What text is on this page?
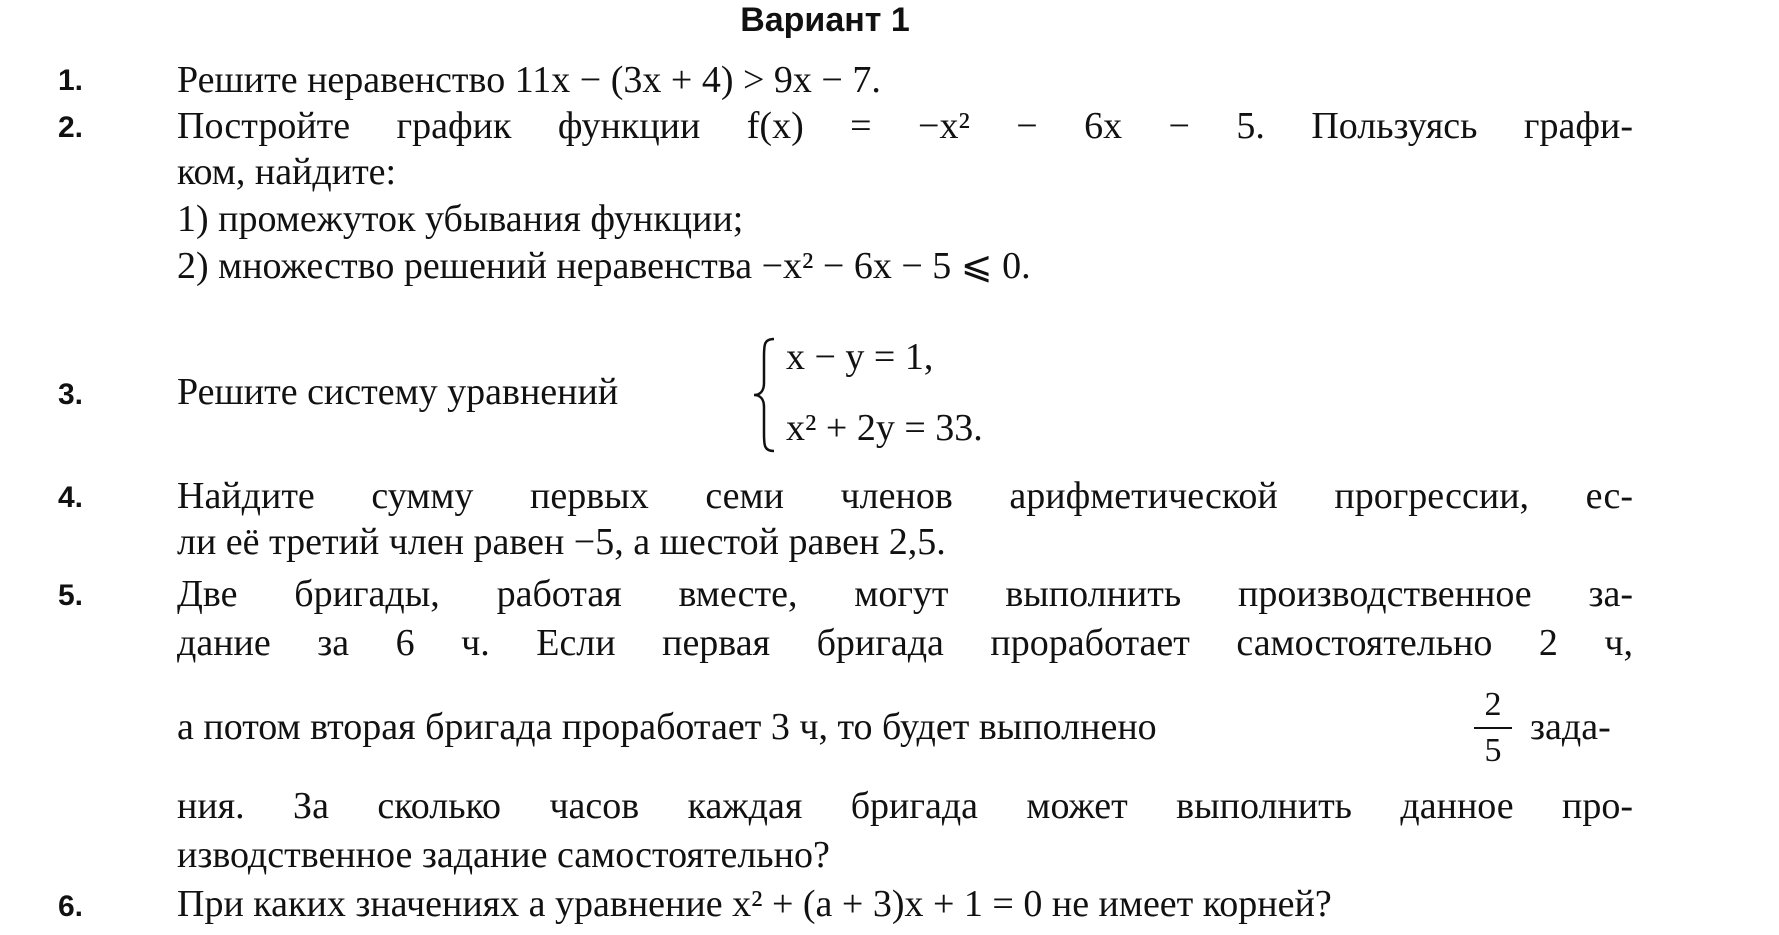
Вариант 1
1. Решите неравенство 11x − (3x + 4) > 9x − 7.
2. Постройте график функции f(x) = −x² − 6x − 5. Пользуясь графи-
ком, найдите:
1) промежуток убывания функции;
2) множество решений неравенства −x² − 6x − 5 ⩽ 0.
3. Решите систему уравнений
x − y = 1,
x² + 2y = 33.
4. Найдите сумму первых семи членов арифметической прогрессии, ес-
ли её третий член равен −5, а шестой равен 2,5.
5. Две бригады, работая вместе, могут выполнить производственное за-
дание за 6 ч. Если первая бригада проработает самостоятельно 2 ч,
а потом вторая бригада проработает 3 ч, то будет выполнено
2
5
зада-
ния. За сколько часов каждая бригада может выполнить данное про-
изводственное задание самостоятельно?
6. При каких значениях a уравнение x² + (a + 3)x + 1 = 0 не имеет корней?
